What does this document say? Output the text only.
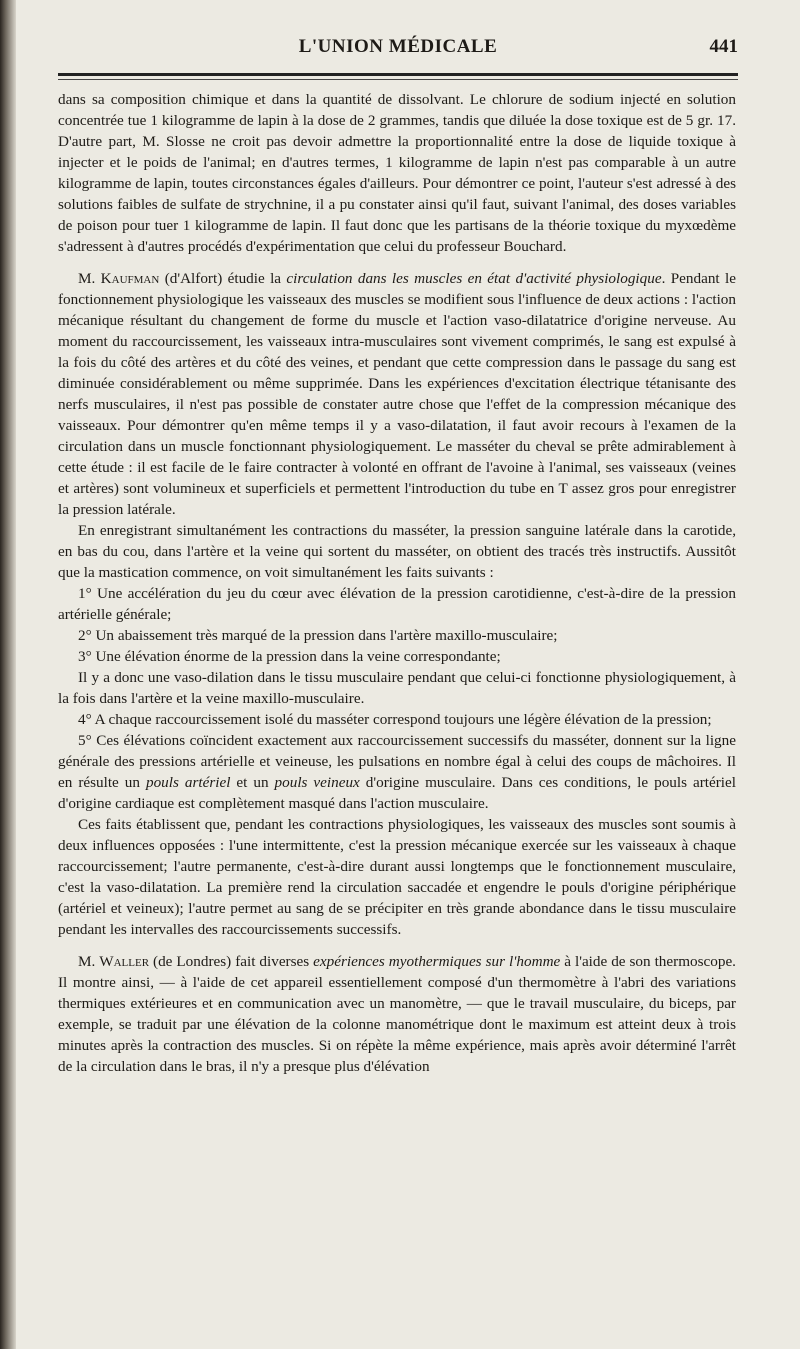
L'UNION MÉDICALE	441

dans sa composition chimique et dans la quantité de dissolvant. Le chlorure de sodium injecté en solution concentrée tue 1 kilogramme de lapin à la dose de 2 grammes, tandis que diluée la dose toxique est de 5 gr. 17. D'autre part, M. Slosse ne croit pas devoir admettre la proportionnalité entre la dose de liquide toxique à injecter et le poids de l'animal; en d'autres termes, 1 kilogramme de lapin n'est pas comparable à un autre kilogramme de lapin, toutes circonstances égales d'ailleurs. Pour démontrer ce point, l'auteur s'est adressé à des solutions faibles de sulfate de strychnine, il a pu constater ainsi qu'il faut, suivant l'animal, des doses variables de poison pour tuer 1 kilogramme de lapin. Il faut donc que les partisans de la théorie toxique du myxœdème s'adressent à d'autres procédés d'expérimentation que celui du professeur Bouchard.

M. Kaufman (d'Alfort) étudie la circulation dans les muscles en état d'activité physiologique. Pendant le fonctionnement physiologique les vaisseaux des muscles se modifient sous l'influence de deux actions : l'action mécanique résultant du changement de forme du muscle et l'action vaso-dilatatrice d'origine nerveuse. Au moment du raccourcissement, les vaisseaux intra-musculaires sont vivement comprimés, le sang est expulsé à la fois du côté des artères et du côté des veines, et pendant que cette compression dans le passage du sang est diminuée considérablement ou même supprimée. Dans les expériences d'excitation électrique tétanisante des nerfs musculaires, il n'est pas possible de constater autre chose que l'effet de la compression mécanique des vaisseaux. Pour démontrer qu'en même temps il y a vaso-dilatation, il faut avoir recours à l'examen de la circulation dans un muscle fonctionnant physiologiquement. Le masséter du cheval se prête admirablement à cette étude : il est facile de le faire contracter à volonté en offrant de l'avoine à l'animal, ses vaisseaux (veines et artères) sont volumineux et superficiels et permettent l'introduction du tube en T assez gros pour enregistrer la pression latérale.

En enregistrant simultanément les contractions du masséter, la pression sanguine latérale dans la carotide, en bas du cou, dans l'artère et la veine qui sortent du masséter, on obtient des tracés très instructifs. Aussitôt que la mastication commence, on voit simultanément les faits suivants :

1° Une accélération du jeu du cœur avec élévation de la pression carotidienne, c'est-à-dire de la pression artérielle générale;

2° Un abaissement très marqué de la pression dans l'artère maxillo-musculaire;

3° Une élévation énorme de la pression dans la veine correspondante;

Il y a donc une vaso-dilation dans le tissu musculaire pendant que celui-ci fonctionne physiologiquement, à la fois dans l'artère et la veine maxillo-musculaire.

4° A chaque raccourcissement isolé du masséter correspond toujours une légère élévation de la pression;

5° Ces élévations coïncident exactement aux raccourcissement successifs du masséter, donnent sur la ligne générale des pressions artérielle et veineuse, les pulsations en nombre égal à celui des coups de mâchoires. Il en résulte un pouls artériel et un pouls veineux d'origine musculaire. Dans ces conditions, le pouls artériel d'origine cardiaque est complètement masqué dans l'action musculaire.

Ces faits établissent que, pendant les contractions physiologiques, les vaisseaux des muscles sont soumis à deux influences opposées : l'une intermittente, c'est la pression mécanique exercée sur les vaisseaux à chaque raccourcissement; l'autre permanente, c'est-à-dire durant aussi longtemps que le fonctionnement musculaire, c'est la vaso-dilatation. La première rend la circulation saccadée et engendre le pouls d'origine périphérique (artériel et veineux); l'autre permet au sang de se précipiter en très grande abondance dans le tissu musculaire pendant les intervalles des raccourcissements successifs.

M. Waller (de Londres) fait diverses expériences myothermiques sur l'homme à l'aide de son thermoscope. Il montre ainsi, — à l'aide de cet appareil essentiellement composé d'un thermomètre à l'abri des variations thermiques extérieures et en communication avec un manomètre, — que le travail musculaire, du biceps, par exemple, se traduit par une élévation de la colonne manométrique dont le maximum est atteint deux à trois minutes après la contraction des muscles. Si on répète la même expérience, mais après avoir déterminé l'arrêt de la circulation dans le bras, il n'y a presque plus d'élévation
